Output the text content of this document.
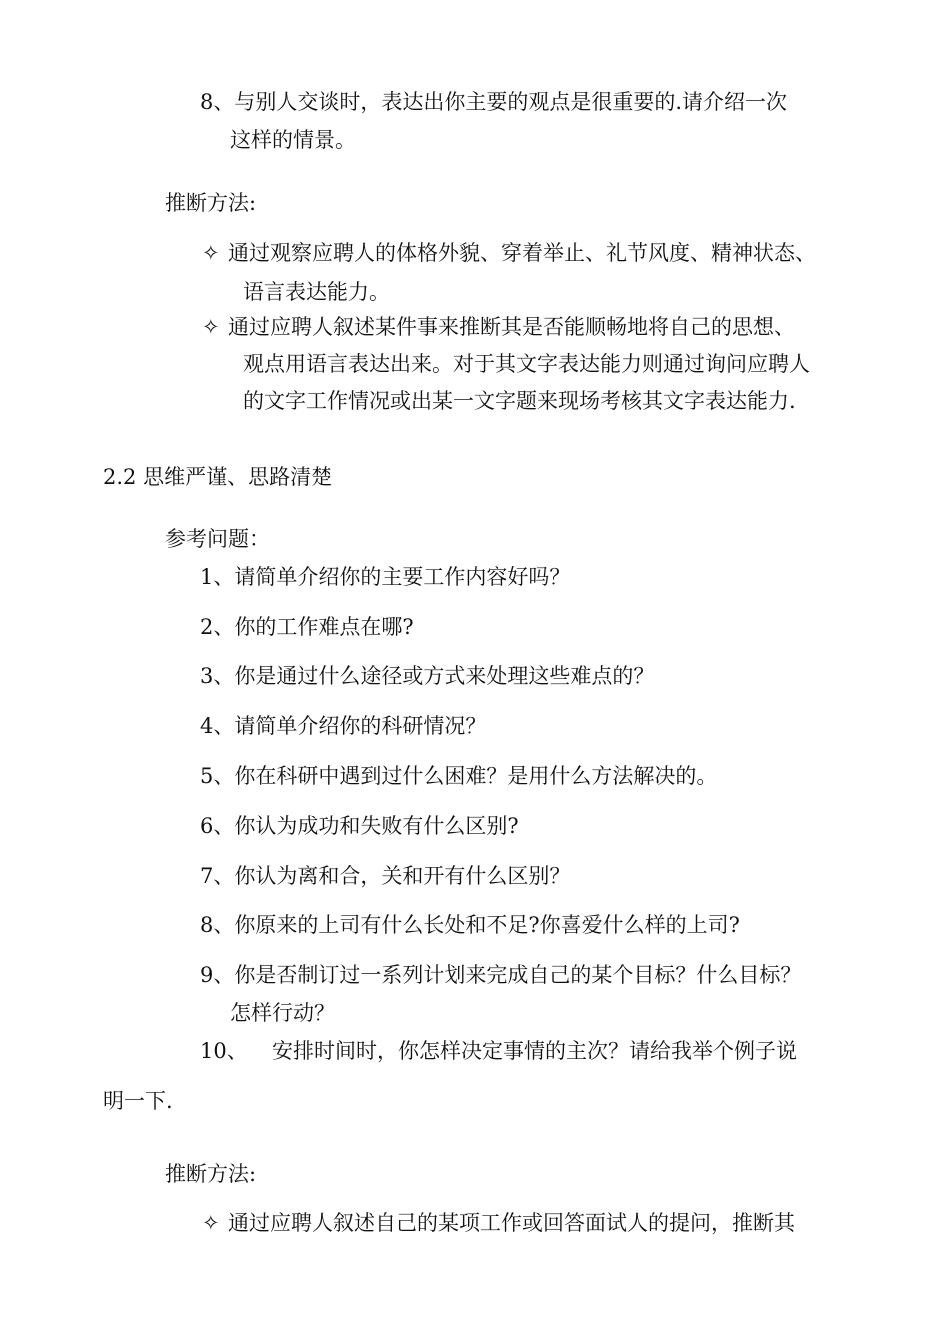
8、与别人交谈时，表达出你主要的观点是很重要的.请介绍一次
这样的情景。
推断方法:
✧ 通过观察应聘人的体格外貌、穿着举止、礼节风度、精神状态、
语言表达能力。
✧ 通过应聘人叙述某件事来推断其是否能顺畅地将自己的思想、
观点用语言表达出来。对于其文字表达能力则通过询问应聘人
的文字工作情况或出某一文字题来现场考核其文字表达能力.
2.2 思维严谨、思路清楚
参考问题：
1、请简单介绍你的主要工作内容好吗？
2、你的工作难点在哪?
3、你是通过什么途径或方式来处理这些难点的？
4、请简单介绍你的科研情况？
5、你在科研中遇到过什么困难？是用什么方法解决的。
6、你认为成功和失败有什么区别?
7、你认为离和合，关和开有什么区别？
8、你原来的上司有什么长处和不足?你喜爱什么样的上司?
9、你是否制订过一系列计划来完成自己的某个目标？什么目标？
怎样行动？
10、 安排时间时，你怎样决定事情的主次？请给我举个例子说
明一下.
推断方法:
✧ 通过应聘人叙述自己的某项工作或回答面试人的提问，推断其
